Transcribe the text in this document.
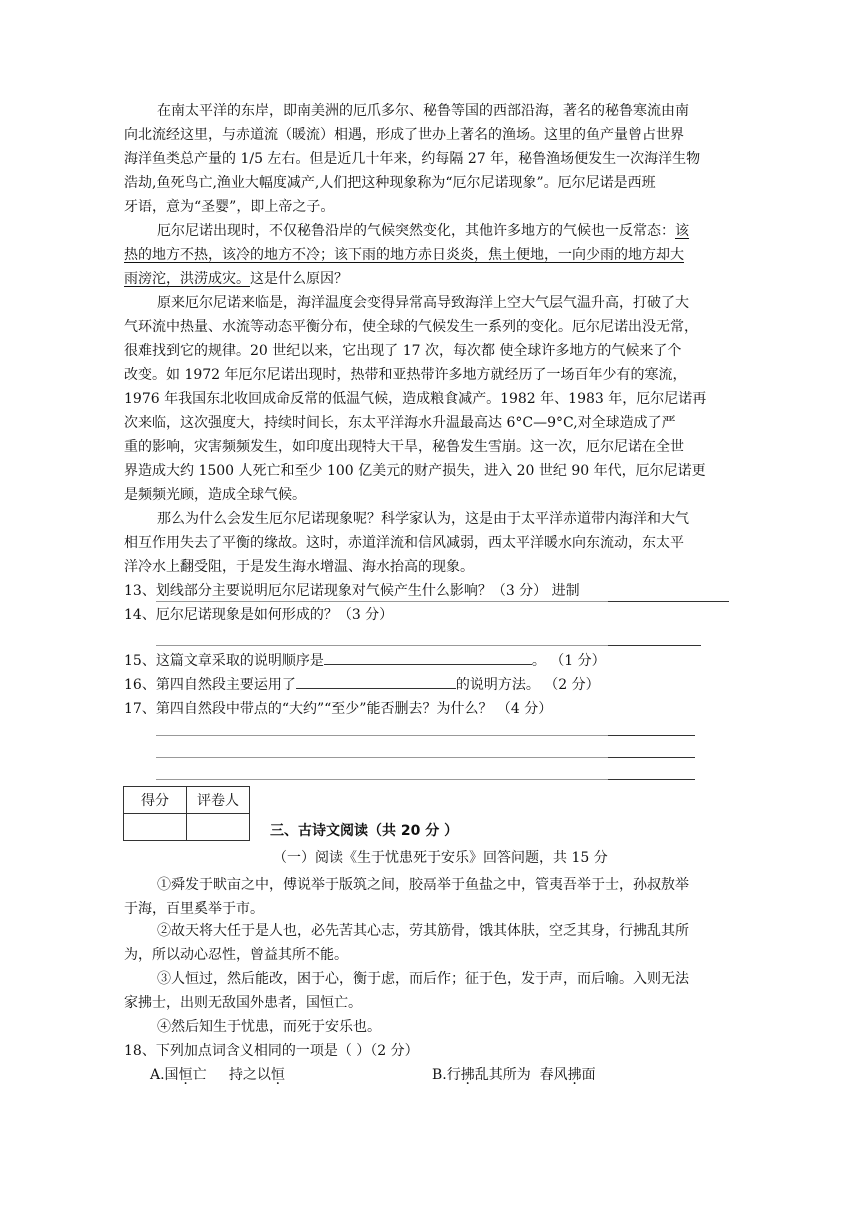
在南太平洋的东岸，即南美洲的厄爪多尔、秘鲁等国的西部沿海，著名的秘鲁寒流由南
向北流经这里，与赤道流（暖流）相遇，形成了世办上著名的渔场。这里的鱼产量曾占世界
海洋鱼类总产量的 1/5 左右。但是近几十年来，约每隔 27 年，秘鲁渔场便发生一次海洋生物
浩劫,鱼死鸟亡,渔业大幅度减产,人们把这种现象称为“厄尔尼诺现象”。厄尔尼诺是西班
牙语，意为“圣婴”，即上帝之子。
厄尔尼诺出现时，不仅秘鲁沿岸的气候突然变化，其他许多地方的气候也一反常态：该
热的地方不热，该冷的地方不冷；该下雨的地方赤日炎炎，焦土便地，一向少雨的地方却大
雨滂沱，洪涝成灾。这是什么原因？
原来厄尔尼诺来临是，海洋温度会变得异常高导致海洋上空大气层气温升高，打破了大
气环流中热量、水流等动态平衡分布，使全球的气候发生一系列的变化。厄尔尼诺出没无常，
很难找到它的规律。20 世纪以来，它出现了 17 次，每次都 使全球许多地方的气候来了个
改变。如 1972 年厄尔尼诺出现时，热带和亚热带许多地方就经历了一场百年少有的寒流，
1976 年我国东北收回成命反常的低温气候，造成粮食减产。1982 年、1983 年，厄尔尼诺再
次来临，这次强度大，持续时间长，东太平洋海水升温最高达 6°C—9°C,对全球造成了严
重的影响，灾害频频发生，如印度出现特大干旱，秘鲁发生雪崩。这一次，厄尔尼诺在全世
界造成大约 1500 人死亡和至少 100 亿美元的财产损失，进入 20 世纪 90 年代，厄尔尼诺更
是频频光顾，造成全球气候。
那么为什么会发生厄尔尼诺现象呢？科学家认为，这是由于太平洋赤道带内海洋和大气
相互作用失去了平衡的缘故。这时，赤道洋流和信风减弱，西太平洋暖水向东流动，东太平
洋冷水上翻受阻，于是发生海水增温、海水抬高的现象。
13、划线部分主要说明厄尔尼诺现象对气候产生什么影响？（3 分） 进制
14、厄尔尼诺现象是如何形成的？（3 分）
15、这篇文章采取的说明顺序是	。 （1 分）
16、第四自然段主要运用了	的说明方法。 （2 分）
17、第四自然段中带点的“大约”“至少”能否删去？为什么？ （4 分）
得分	评卷人

三、古诗文阅读（共 20 分 ）
（一）阅读《生于忧患死于安乐》回答问题，共 15 分
①舜发于畎亩之中，傅说举于版筑之间，胶鬲举于鱼盐之中，管夷吾举于士，孙叔敖举
于海，百里奚举于市。
②故天将大任于是人也，必先苦其心志，劳其筋骨，饿其体肤，空乏其身，行拂乱其所
为，所以动心忍性，曾益其所不能。
③人恒过，然后能改，困于心，衡于虑，而后作；征于色，发于声，而后喻。入则无法
家拂士，出则无敌国外患者，国恒亡。
④然后知生于忧患，而死于安乐也。
18、下列加点词含义相同的一项是（ ）（2 分）
A.国恒亡     持之以恒	B.行拂乱其所为  春风拂面
